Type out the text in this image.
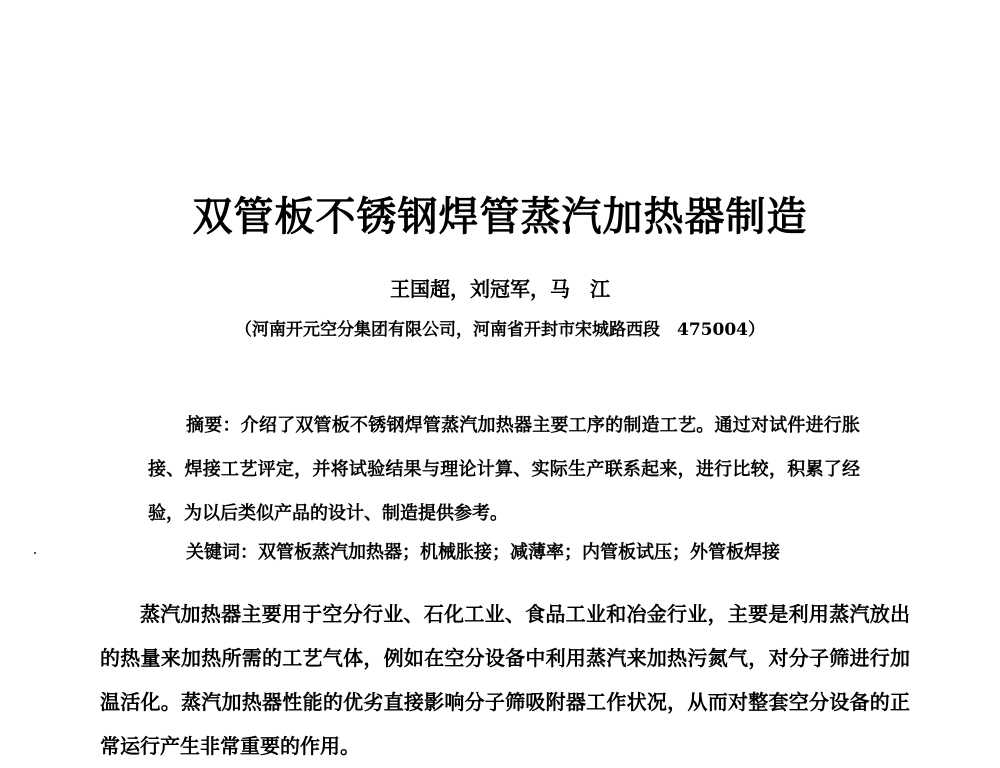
双管板不锈钢焊管蒸汽加热器制造
王国超，刘冠军，马　江
（河南开元空分集团有限公司，河南省开封市宋城路西段　475004）
摘要：介绍了双管板不锈钢焊管蒸汽加热器主要工序的制造工艺。通过对试件进行胀接、焊接工艺评定，并将试验结果与理论计算、实际生产联系起来，进行比较，积累了经验，为以后类似产品的设计、制造提供参考。
关键词：双管板蒸汽加热器；机械胀接；减薄率；内管板试压；外管板焊接
蒸汽加热器主要用于空分行业、石化工业、食品工业和冶金行业，主要是利用蒸汽放出的热量来加热所需的工艺气体，例如在空分设备中利用蒸汽来加热污氮气，对分子筛进行加温活化。蒸汽加热器性能的优劣直接影响分子筛吸附器工作状况，从而对整套空分设备的正常运行产生非常重要的作用。
